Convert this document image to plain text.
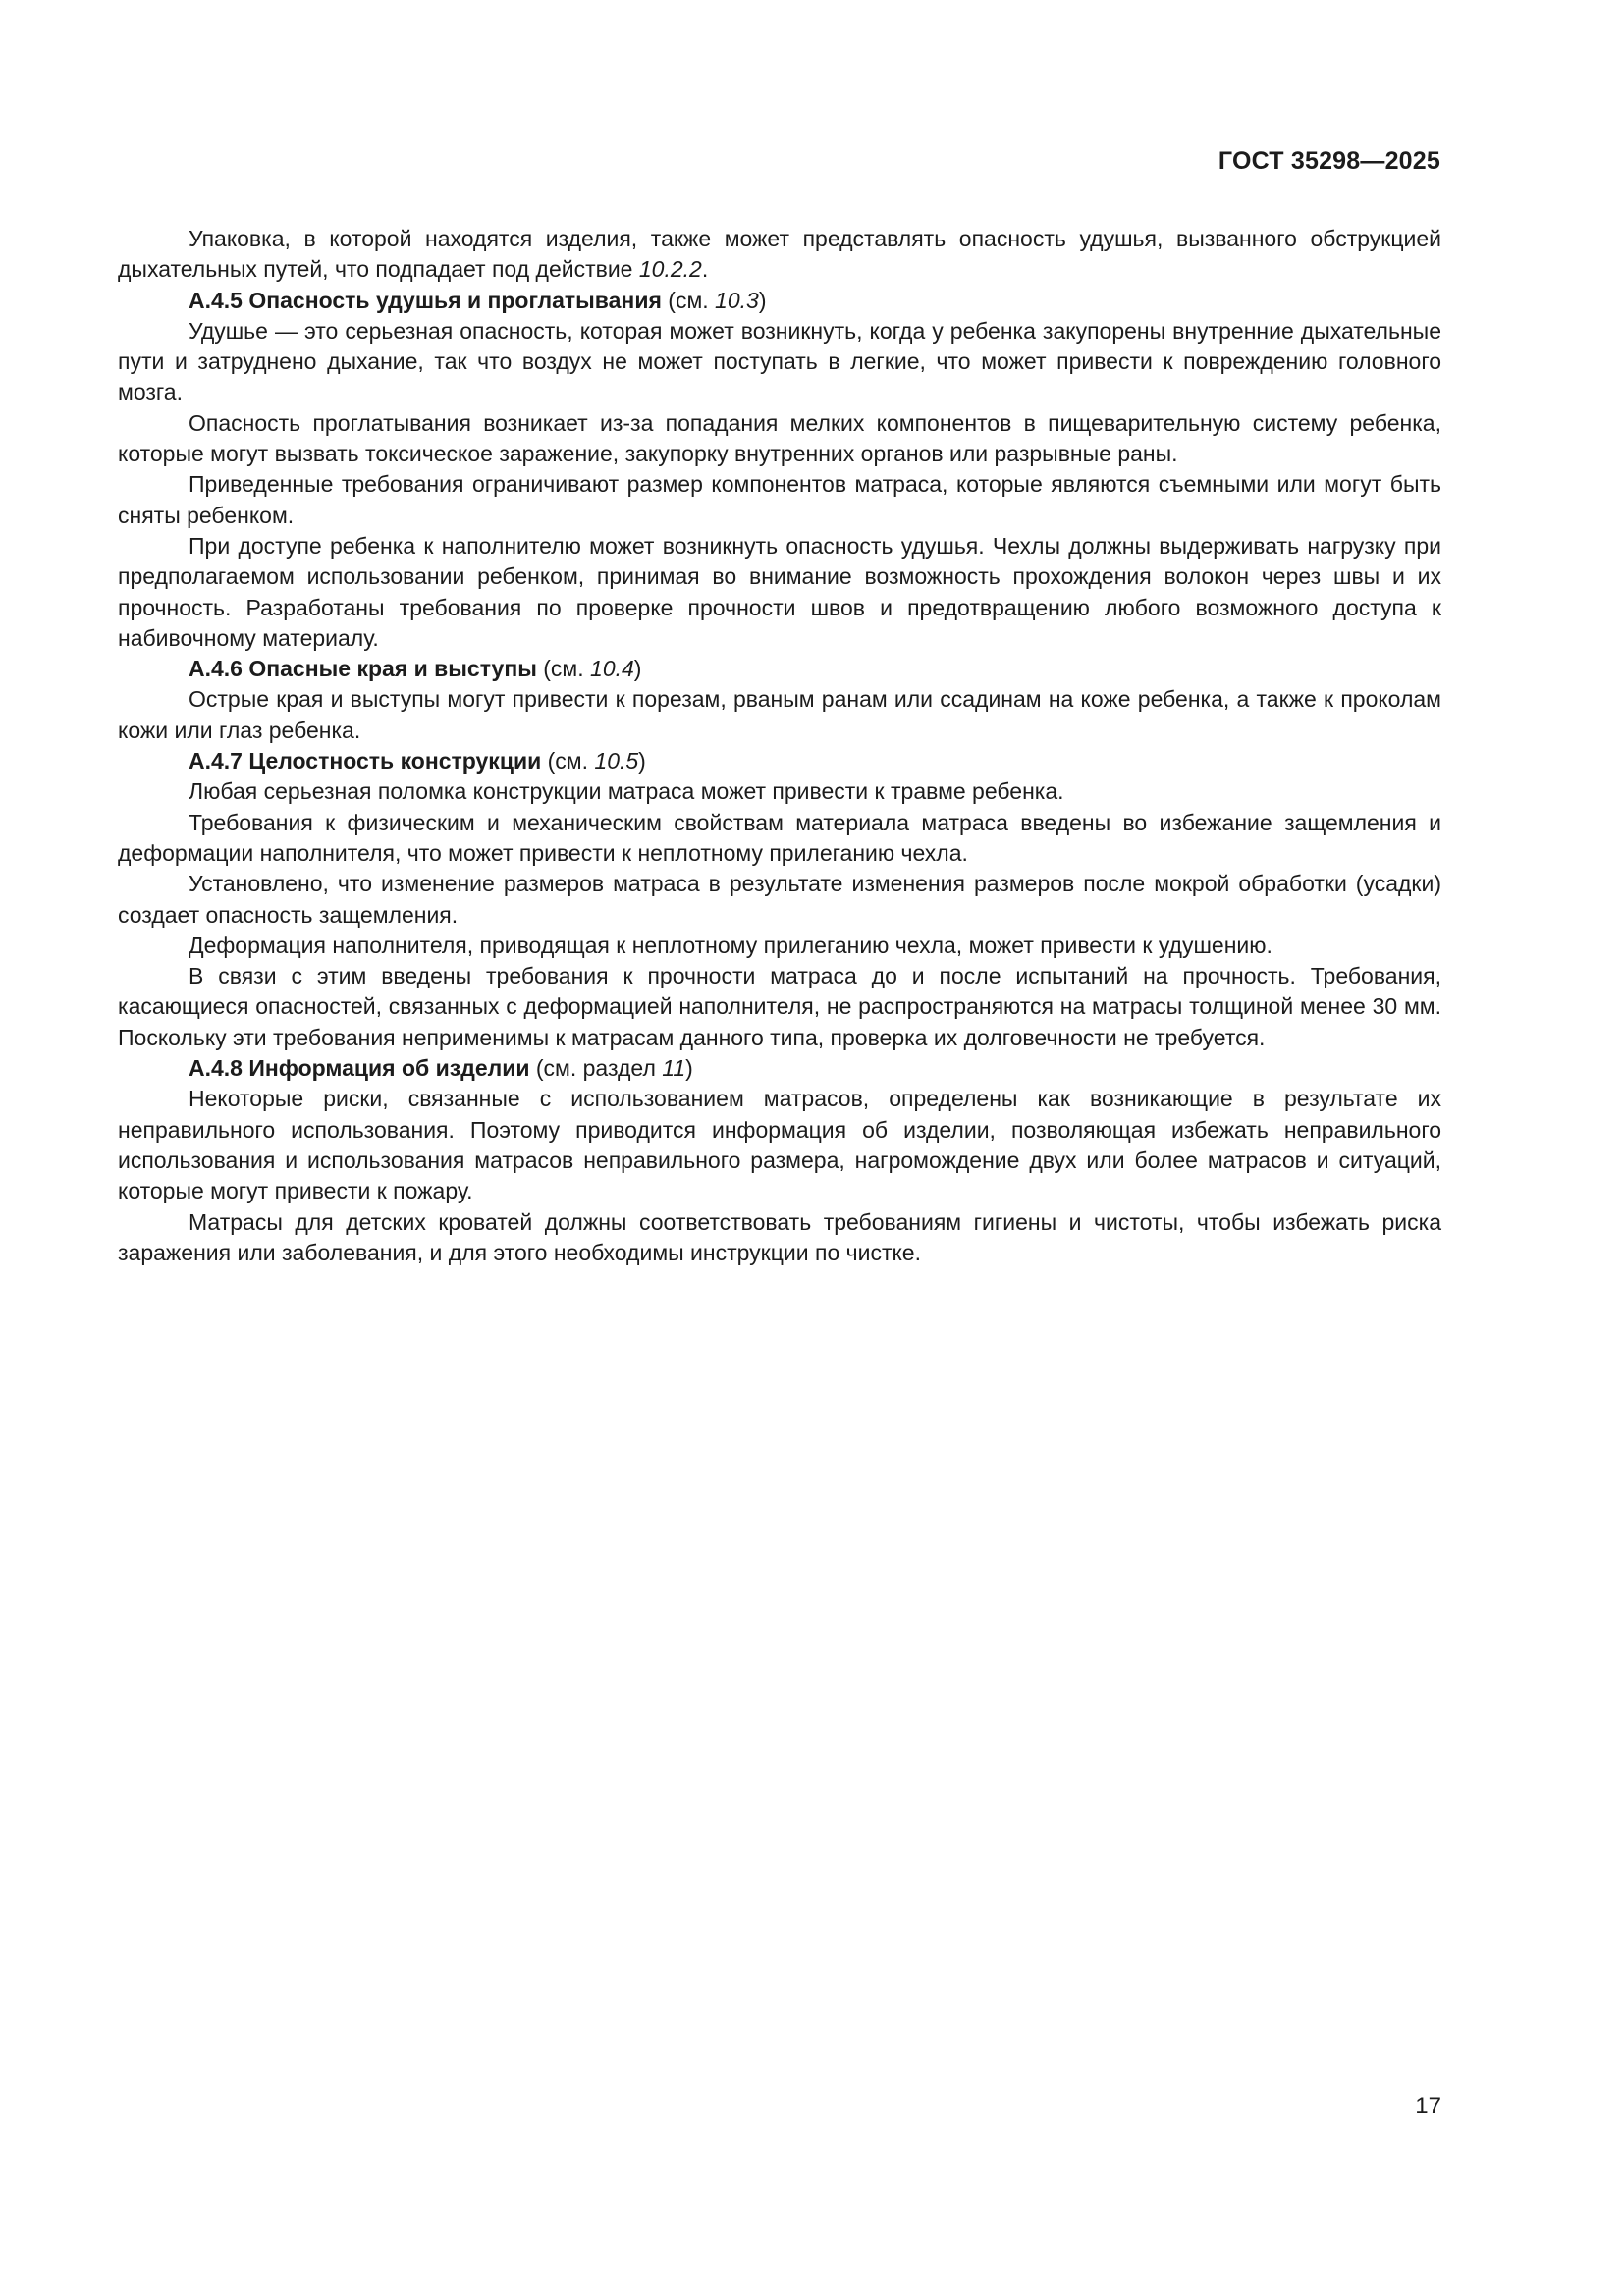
ГОСТ 35298—2025

Упаковка, в которой находятся изделия, также может представлять опасность удушья, вызванного обструкцией дыхательных путей, что подпадает под действие 10.2.2.

А.4.5 Опасность удушья и проглатывания (см. 10.3)

Удушье — это серьезная опасность, которая может возникнуть, когда у ребенка закупорены внутренние дыхательные пути и затруднено дыхание, так что воздух не может поступать в легкие, что может привести к повреждению головного мозга.

Опасность проглатывания возникает из-за попадания мелких компонентов в пищеварительную систему ребенка, которые могут вызвать токсическое заражение, закупорку внутренних органов или разрывные раны.

Приведенные требования ограничивают размер компонентов матраса, которые являются съемными или могут быть сняты ребенком.

При доступе ребенка к наполнителю может возникнуть опасность удушья. Чехлы должны выдерживать нагрузку при предполагаемом использовании ребенком, принимая во внимание возможность прохождения волокон через швы и их прочность. Разработаны требования по проверке прочности швов и предотвращению любого возможного доступа к набивочному материалу.

А.4.6 Опасные края и выступы (см. 10.4)

Острые края и выступы могут привести к порезам, рваным ранам или ссадинам на коже ребенка, а также к проколам кожи или глаз ребенка.

А.4.7 Целостность конструкции (см. 10.5)

Любая серьезная поломка конструкции матраса может привести к травме ребенка.

Требования к физическим и механическим свойствам материала матраса введены во избежание защемления и деформации наполнителя, что может привести к неплотному прилеганию чехла.

Установлено, что изменение размеров матраса в результате изменения размеров после мокрой обработки (усадки) создает опасность защемления.

Деформация наполнителя, приводящая к неплотному прилеганию чехла, может привести к удушению.

В связи с этим введены требования к прочности матраса до и после испытаний на прочность. Требования, касающиеся опасностей, связанных с деформацией наполнителя, не распространяются на матрасы толщиной менее 30 мм. Поскольку эти требования неприменимы к матрасам данного типа, проверка их долговечности не требуется.

А.4.8 Информация об изделии (см. раздел 11)

Некоторые риски, связанные с использованием матрасов, определены как возникающие в результате их неправильного использования. Поэтому приводится информация об изделии, позволяющая избежать неправильного использования и использования матрасов неправильного размера, нагромождение двух или более матрасов и ситуаций, которые могут привести к пожару.

Матрасы для детских кроватей должны соответствовать требованиям гигиены и чистоты, чтобы избежать риска заражения или заболевания, и для этого необходимы инструкции по чистке.

17
